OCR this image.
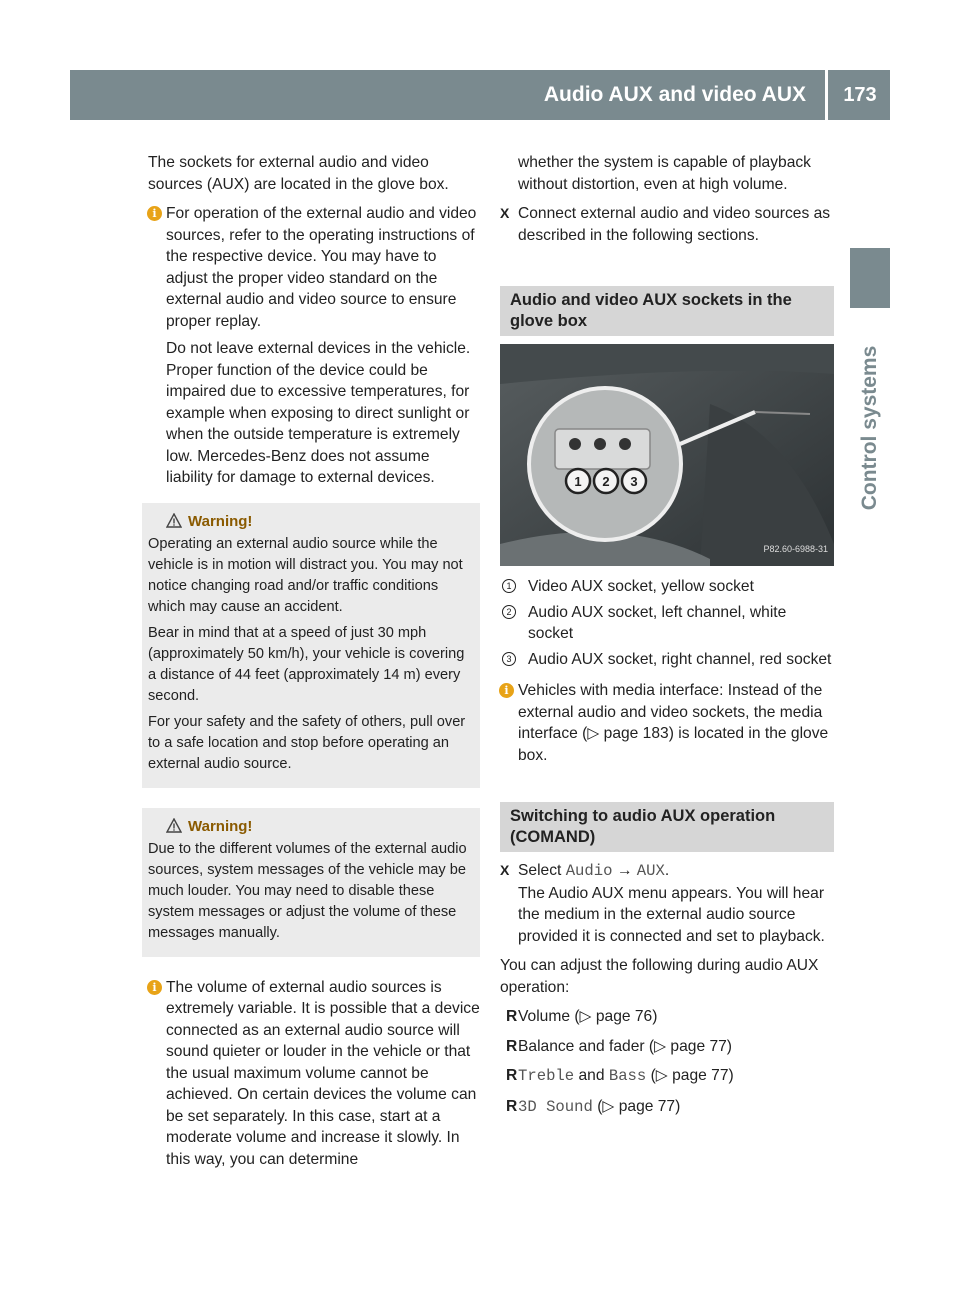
Audio AUX and video AUX	173
Control systems

The sockets for external audio and video sources (AUX) are located in the glove box.

i For operation of the external audio and video sources, refer to the operating instructions of the respective device. You may have to adjust the proper video standard on the external audio and video source to ensure proper replay.

Do not leave external devices in the vehicle. Proper function of the device could be impaired due to excessive temperatures, for example when exposing to direct sunlight or when the outside temperature is extremely low. Mercedes-Benz does not assume liability for damage to external devices.

Warning!

Operating an external audio source while the vehicle is in motion will distract you. You may not notice changing road and/or traffic conditions which may cause an accident.

Bear in mind that at a speed of just 30 mph (approximately 50 km/h), your vehicle is covering a distance of 44 feet (approximately 14 m) every second.

For your safety and the safety of others, pull over to a safe location and stop before operating an external audio source.

Warning!

Due to the different volumes of the external audio sources, system messages of the vehicle may be much louder. You may need to disable these system messages or adjust the volume of these messages manually.

i The volume of external audio sources is extremely variable. It is possible that a device connected as an external audio source will sound quieter or louder in the vehicle or that the usual maximum volume cannot be achieved. On certain devices the volume can be set separately. In this case, start at a moderate volume and increase it slowly. In this way, you can determine

whether the system is capable of playback without distortion, even at high volume.

X Connect external audio and video sources as described in the following sections.
Audio and video AUX sockets in the glove box
1 2 3
P82.60-6988-31
1 Video AUX socket, yellow socket
2 Audio AUX socket, left channel, white socket
3 Audio AUX socket, right channel, red socket
i Vehicles with media interface: Instead of the external audio and video sockets, the media interface (▷ page 183) is located in the glove box.

Switching to audio AUX operation (COMAND)
X Select Audio → AUX.
The Audio AUX menu appears. You will hear the medium in the external audio source provided it is connected and set to playback.

You can adjust the following during audio AUX operation:

R Volume (▷ page 76)
R Balance and fader (▷ page 77)
R Treble and Bass (▷ page 77)
R 3D Sound (▷ page 77)
